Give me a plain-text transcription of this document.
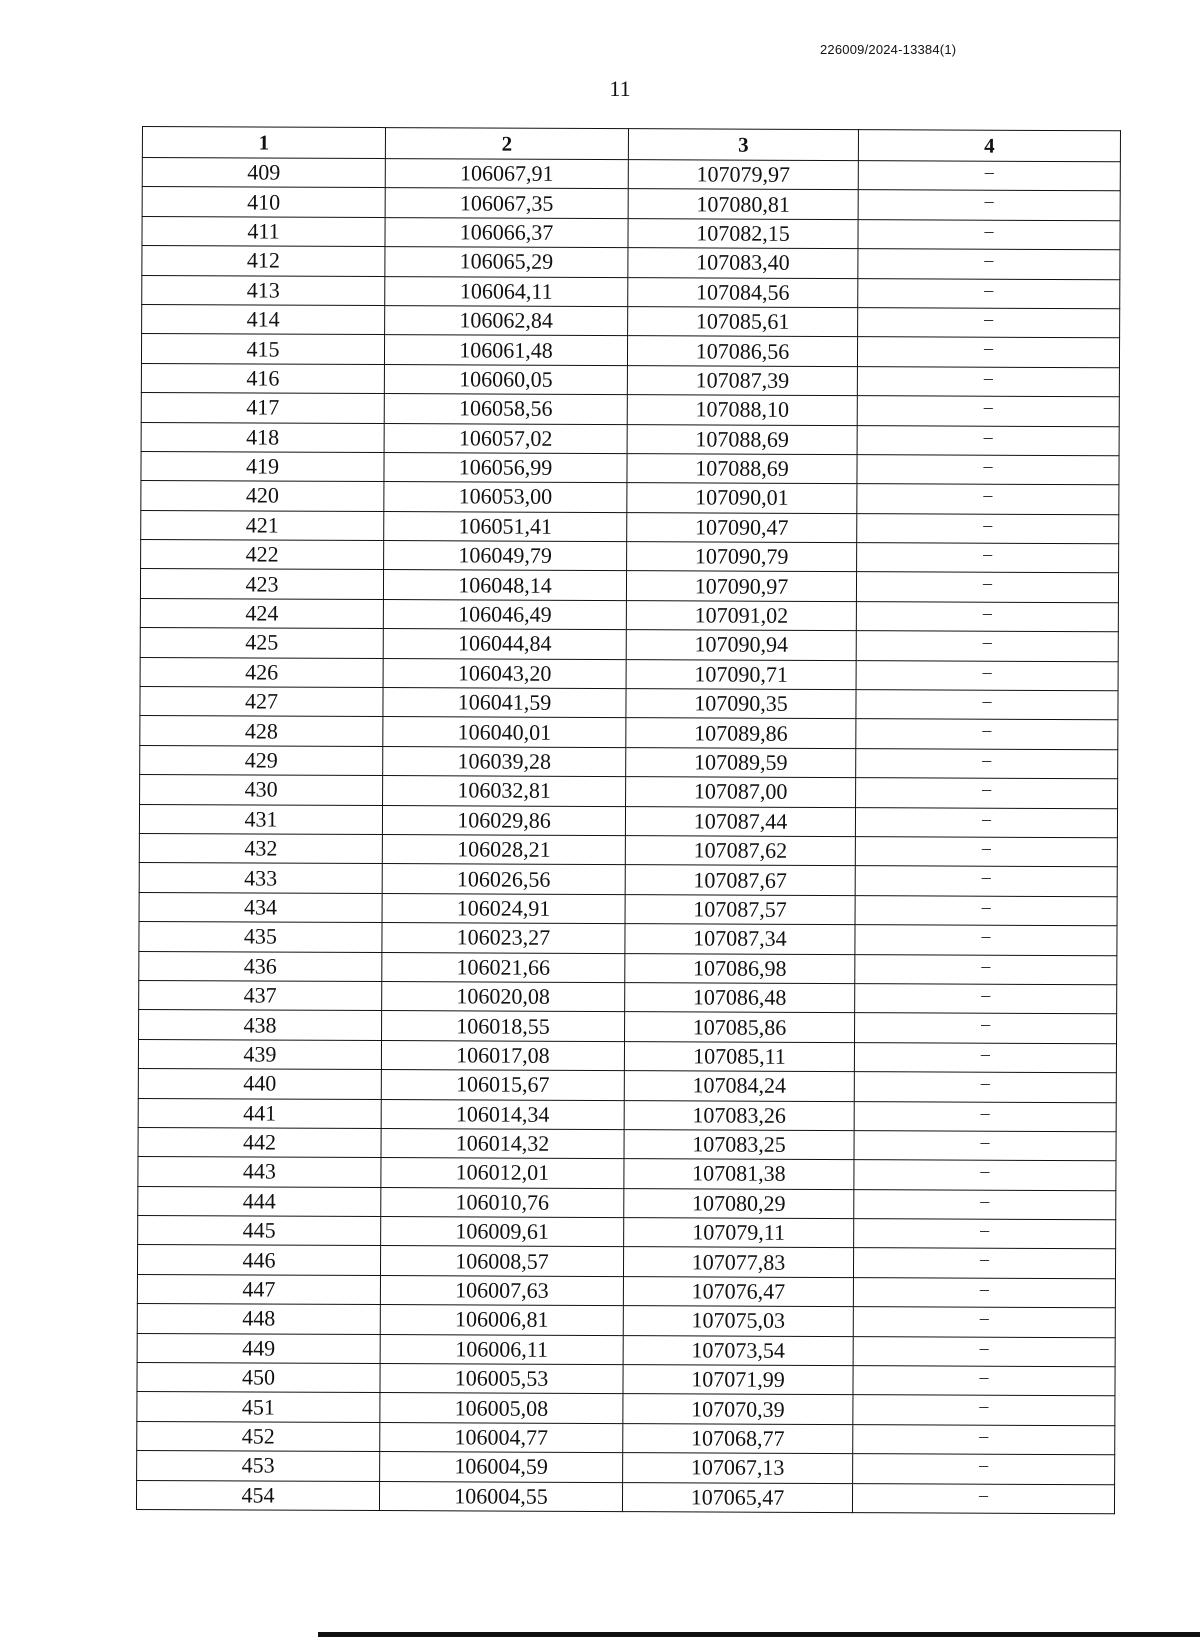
226009/2024-13384(1)
11
1	2	3	4
409	106067,91	107079,97	–
410	106067,35	107080,81	–
411	106066,37	107082,15	–
412	106065,29	107083,40	–
413	106064,11	107084,56	–
414	106062,84	107085,61	–
415	106061,48	107086,56	–
416	106060,05	107087,39	–
417	106058,56	107088,10	–
418	106057,02	107088,69	–
419	106056,99	107088,69	–
420	106053,00	107090,01	–
421	106051,41	107090,47	–
422	106049,79	107090,79	–
423	106048,14	107090,97	–
424	106046,49	107091,02	–
425	106044,84	107090,94	–
426	106043,20	107090,71	–
427	106041,59	107090,35	–
428	106040,01	107089,86	–
429	106039,28	107089,59	–
430	106032,81	107087,00	–
431	106029,86	107087,44	–
432	106028,21	107087,62	–
433	106026,56	107087,67	–
434	106024,91	107087,57	–
435	106023,27	107087,34	–
436	106021,66	107086,98	–
437	106020,08	107086,48	–
438	106018,55	107085,86	–
439	106017,08	107085,11	–
440	106015,67	107084,24	–
441	106014,34	107083,26	–
442	106014,32	107083,25	–
443	106012,01	107081,38	–
444	106010,76	107080,29	–
445	106009,61	107079,11	–
446	106008,57	107077,83	–
447	106007,63	107076,47	–
448	106006,81	107075,03	–
449	106006,11	107073,54	–
450	106005,53	107071,99	–
451	106005,08	107070,39	–
452	106004,77	107068,77	–
453	106004,59	107067,13	–
454	106004,55	107065,47	–
